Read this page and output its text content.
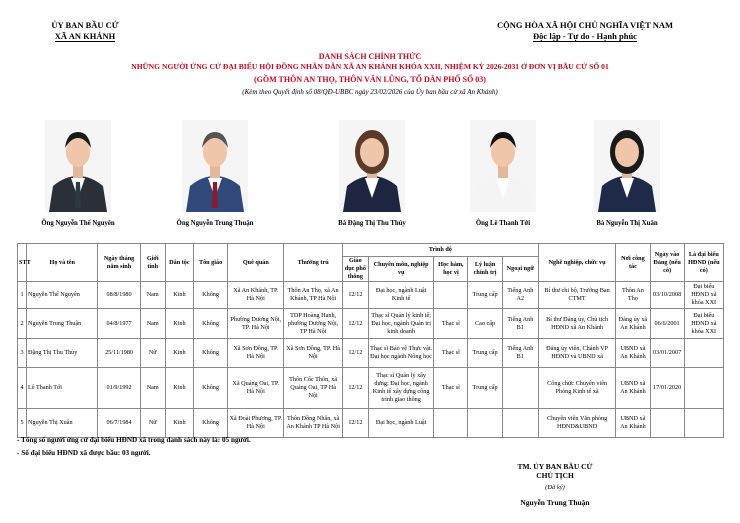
ỦY BAN BẦU CỬ
XÃ AN KHÁNH
CỘNG HÒA XÃ HỘI CHỦ NGHĨA VIỆT NAM
Độc lập - Tự do - Hạnh phúc
DANH SÁCH CHÍNH THỨC
NHỮNG NGƯỜI ỨNG CỬ ĐẠI BIỂU HỘI ĐỒNG NHÂN DÂN XÃ AN KHÁNH KHÓA XXII, NHIỆM KỲ 2026-2031 Ở ĐƠN VỊ BẦU CỬ SỐ 01
(GỒM THÔN AN THỌ, THÔN VÂN LŨNG, TỔ DÂN PHỐ SỐ 03)
(Kèm theo Quyết định số 08/QĐ-UBBC ngày 23/02/2026 của Ủy ban bầu cử xã An Khánh)
Ông Nguyễn Thế Nguyên	Ông Nguyễn Trung Thuận	Bà Đặng Thị Thu Thủy	Ông Lê Thanh Tới	Bà Nguyễn Thị Xuân
STT	Họ và tên	Ngày tháng năm sinh	Giới tính	Dân tộc	Tôn giáo	Quê quán	Thường trú	Trình độ					Nghề nghiệp, chức vụ	Nơi công tác	Ngày vào Đảng (nếu có)	Là đại biểu HĐND (nếu có)
								Giáo dục phổ thông	Chuyên môn, nghiệp vụ	Học hàm, học vị	Lý luận chính trị	Ngoại ngữ				
1	Nguyễn Thế Nguyên	08/8/1980	Nam	Kinh	Không	Xã An Khánh, TP. Hà Nội	Thôn An Thọ, xã An Khánh, TP Hà Nội	12/12	Đại học, ngành Luật Kinh tế		Trung cấp	Tiếng Anh A2	Bí thư chi bộ, Trưởng Ban CTMT	Thôn An Thọ	03/10/2008	Đại biểu HĐND xã khóa XXI
2	Nguyễn Trung Thuận	04/8/1977	Nam	Kinh	Không	Phường Dương Nội, TP. Hà Nội	TDP Hoàng Hanh, phường Dương Nội, TP Hà Nội	12/12	Thạc sĩ Quản lý kinh tế; Đại học, ngành Quản trị kinh doanh	Thạc sĩ	Cao cấp	Tiếng Anh B1	Bí thư Đảng ủy, Chủ tịch HĐND xã An Khánh	Đảng ủy xã An Khánh	06/6/2001	Đại biểu HĐND xã khóa XXI
3	Đặng Thị Thu Thủy	25/11/1980	Nữ	Kinh	Không	Xã Sơn Đồng, TP. Hà Nội	Xã Sơn Đồng, TP. Hà Nội	12/12	Thạc sĩ Bảo vệ Thực vật. Đại học ngành Nông học	Thạc sĩ	Trung cấp	Tiếng Anh B1	Đảng ủy viên, Chánh VP HĐND và UBND xã	UBND xã An Khánh	03/01/2007	
4	Lê Thanh Tới	01/9/1992	Nam	Kinh	Không	Xã Quảng Oai, TP. Hà Nội	Thôn Cốc Thôn, xã Quảng Oai, TP Hà Nội	12/12	Thạc sĩ Quản lý xây dựng; Đại học, ngành Kinh tế xây dựng công trình giao thông	Thạc sĩ	Trung cấp		Công chức Chuyên viên Phòng Kinh tế xã	UBND xã An Khánh	17/01/2020	
5	Nguyễn Thị Xuân	06/7/1984	Nữ	Kinh	Không	Xã Đoài Phương, TP. Hà Nội	Thôn Đồng Nhân, xã An Khánh TP Hà Nội	12/12	Đại học, ngành Luật				Chuyên viên Văn phòng HĐND&UBND	UBND xã An Khánh		
- Tổng số người ứng cử đại biểu HĐND xã trong danh sách này là: 05 người.
- Số đại biểu HĐND xã được bầu: 03 người.
TM. ỦY BAN BẦU CỬ
CHỦ TỊCH
(Đã ký)
Nguyễn Trung Thuận
